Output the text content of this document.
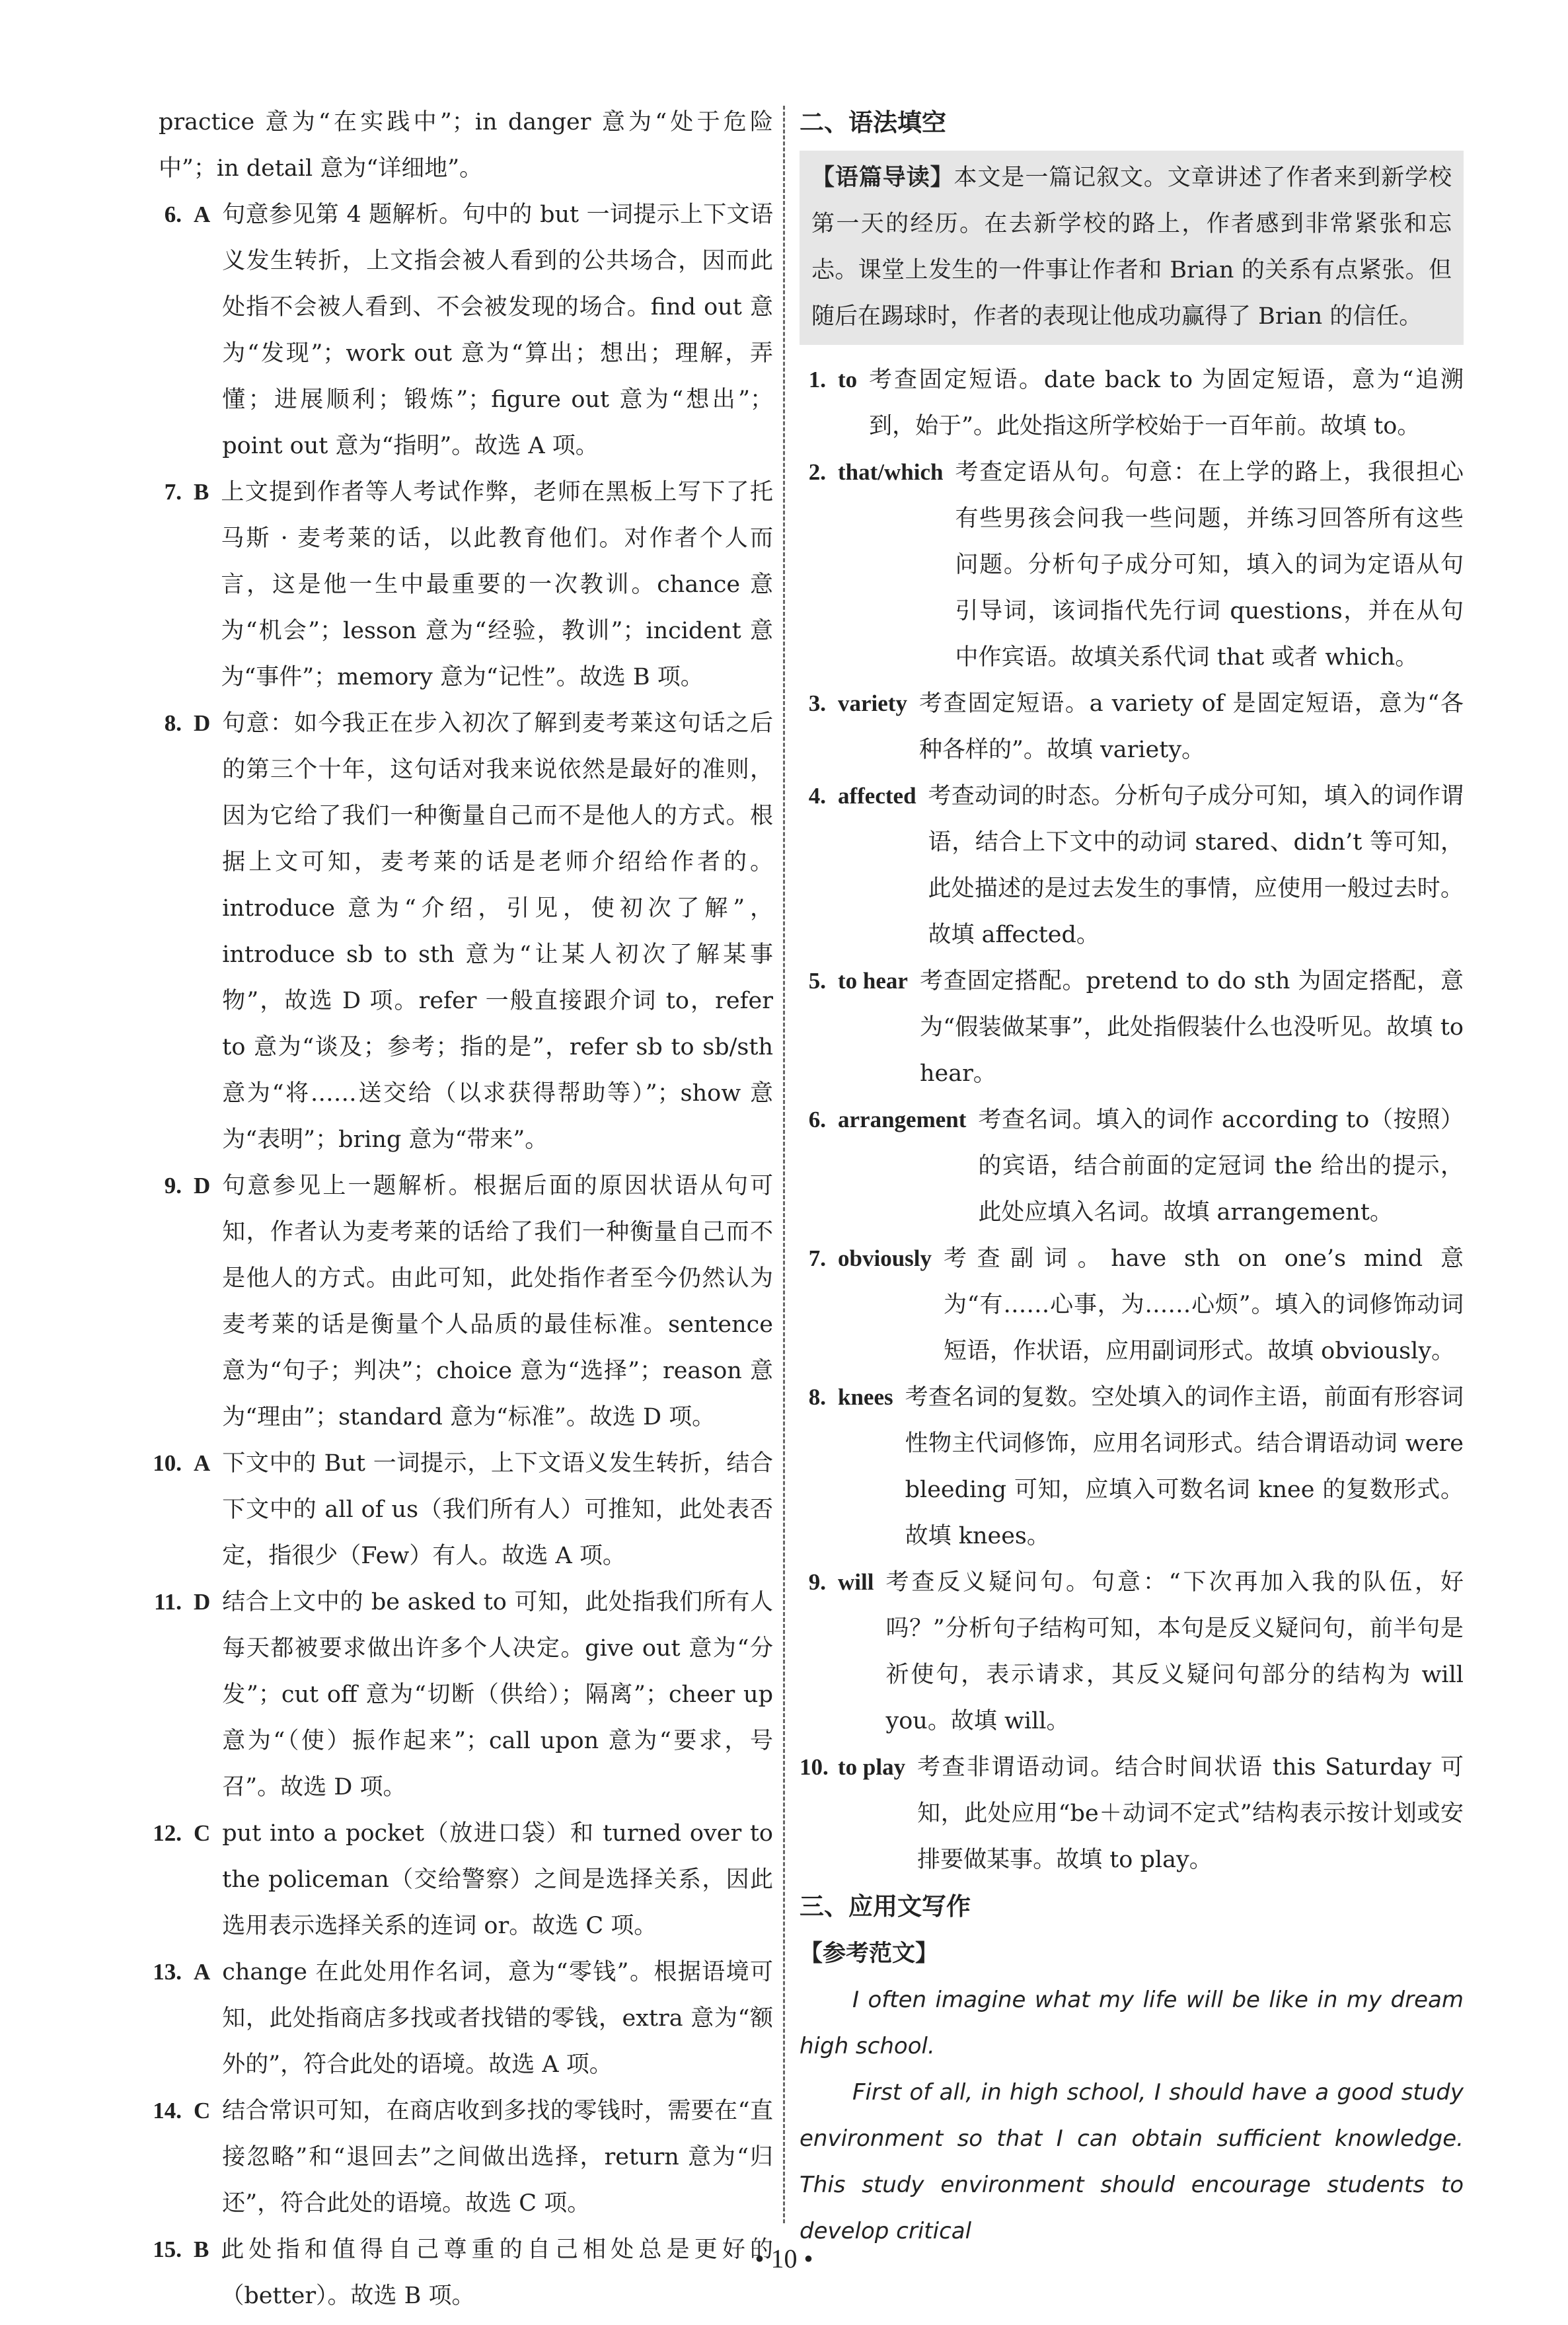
practice 意为“在实践中”；in danger 意为“处于危险中”；in detail 意为“详细地”。

6. A 句意参见第 4 题解析。句中的 but 一词提示上下文语义发生转折，上文指会被人看到的公共场合，因而此处指不会被人看到、不会被发现的场合。find out 意为“发现”；work out 意为“算出；想出；理解，弄懂；进展顺利；锻炼”；figure out 意为“想出”；point out 意为“指明”。故选 A 项。
7. B 上文提到作者等人考试作弊，老师在黑板上写下了托马斯 · 麦考莱的话，以此教育他们。对作者个人而言，这是他一生中最重要的一次教训。chance 意为“机会”；lesson 意为“经验，教训”；incident 意为“事件”；memory 意为“记性”。故选 B 项。
8. D 句意：如今我正在步入初次了解到麦考莱这句话之后的第三个十年，这句话对我来说依然是最好的准则，因为它给了我们一种衡量自己而不是他人的方式。根据上文可知，麦考莱的话是老师介绍给作者的。introduce 意为“介绍，引见，使初次了解”，introduce sb to sth 意为“让某人初次了解某事物”，故选 D 项。refer 一般直接跟介词 to，refer to 意为“谈及；参考；指的是”，refer sb to sb/sth 意为“将……送交给（以求获得帮助等）”；show 意为“表明”；bring 意为“带来”。
9. D 句意参见上一题解析。根据后面的原因状语从句可知，作者认为麦考莱的话给了我们一种衡量自己而不是他人的方式。由此可知，此处指作者至今仍然认为麦考莱的话是衡量个人品质的最佳标准。sentence 意为“句子；判决”；choice 意为“选择”；reason 意为“理由”；standard 意为“标准”。故选 D 项。
10. A 下文中的 But 一词提示，上下文语义发生转折，结合下文中的 all of us（我们所有人）可推知，此处表否定，指很少（Few）有人。故选 A 项。
11. D 结合上文中的 be asked to 可知，此处指我们所有人每天都被要求做出许多个人决定。give out 意为“分发”；cut off 意为“切断（供给）；隔离”；cheer up 意为“（使）振作起来”；call upon 意为“要求，号召”。故选 D 项。
12. C put into a pocket（放进口袋）和 turned over to the policeman（交给警察）之间是选择关系，因此选用表示选择关系的连词 or。故选 C 项。
13. A change 在此处用作名词，意为“零钱”。根据语境可知，此处指商店多找或者找错的零钱，extra 意为“额外的”，符合此处的语境。故选 A 项。
14. C 结合常识可知，在商店收到多找的零钱时，需要在“直接忽略”和“退回去”之间做出选择，return 意为“归还”，符合此处的语境。故选 C 项。
15. B 此处指和值得自己尊重的自己相处总是更好的（better）。故选 B 项。

二、语法填空

【语篇导读】本文是一篇记叙文。文章讲述了作者来到新学校第一天的经历。在去新学校的路上，作者感到非常紧张和忘忐。课堂上发生的一件事让作者和 Brian 的关系有点紧张。但随后在踢球时，作者的表现让他成功赢得了 Brian 的信任。
1. to 考查固定短语。date back to 为固定短语，意为“追溯到，始于”。此处指这所学校始于一百年前。故填 to。
2. that/which 考查定语从句。句意：在上学的路上，我很担心有些男孩会问我一些问题，并练习回答所有这些问题。分析句子成分可知，填入的词为定语从句引导词，该词指代先行词 questions，并在从句中作宾语。故填关系代词 that 或者 which。
3. variety 考查固定短语。a variety of 是固定短语，意为“各种各样的”。故填 variety。
4. affected 考查动词的时态。分析句子成分可知，填入的词作谓语，结合上下文中的动词 stared、didn’t 等可知，此处描述的是过去发生的事情，应使用一般过去时。故填 affected。
5. to hear 考查固定搭配。pretend to do sth 为固定搭配，意为“假装做某事”，此处指假装什么也没听见。故填 to hear。
6. arrangement 考查名词。填入的词作 according to（按照）的宾语，结合前面的定冠词 the 给出的提示，此处应填入名词。故填 arrangement。
7. obviously 考查副词。have sth on one’s mind 意为“有……心事，为……心烦”。填入的词修饰动词短语，作状语，应用副词形式。故填 obviously。
8. knees 考查名词的复数。空处填入的词作主语，前面有形容词性物主代词修饰，应用名词形式。结合谓语动词 were bleeding 可知，应填入可数名词 knee 的复数形式。故填 knees。
9. will 考查反义疑问句。句意：“下次再加入我的队伍，好吗？”分析句子结构可知，本句是反义疑问句，前半句是祈使句，表示请求，其反义疑问句部分的结构为 will you。故填 will。
10. to play 考查非谓语动词。结合时间状语 this Saturday 可知，此处应用“be＋动词不定式”结构表示按计划或安排要做某事。故填 to play。

三、应用文写作

【参考范文】

I often imagine what my life will be like in my dream high school.

First of all, in high school, I should have a good study environment so that I can obtain sufficient knowledge. This study environment should encourage students to develop critical

• 10 •
